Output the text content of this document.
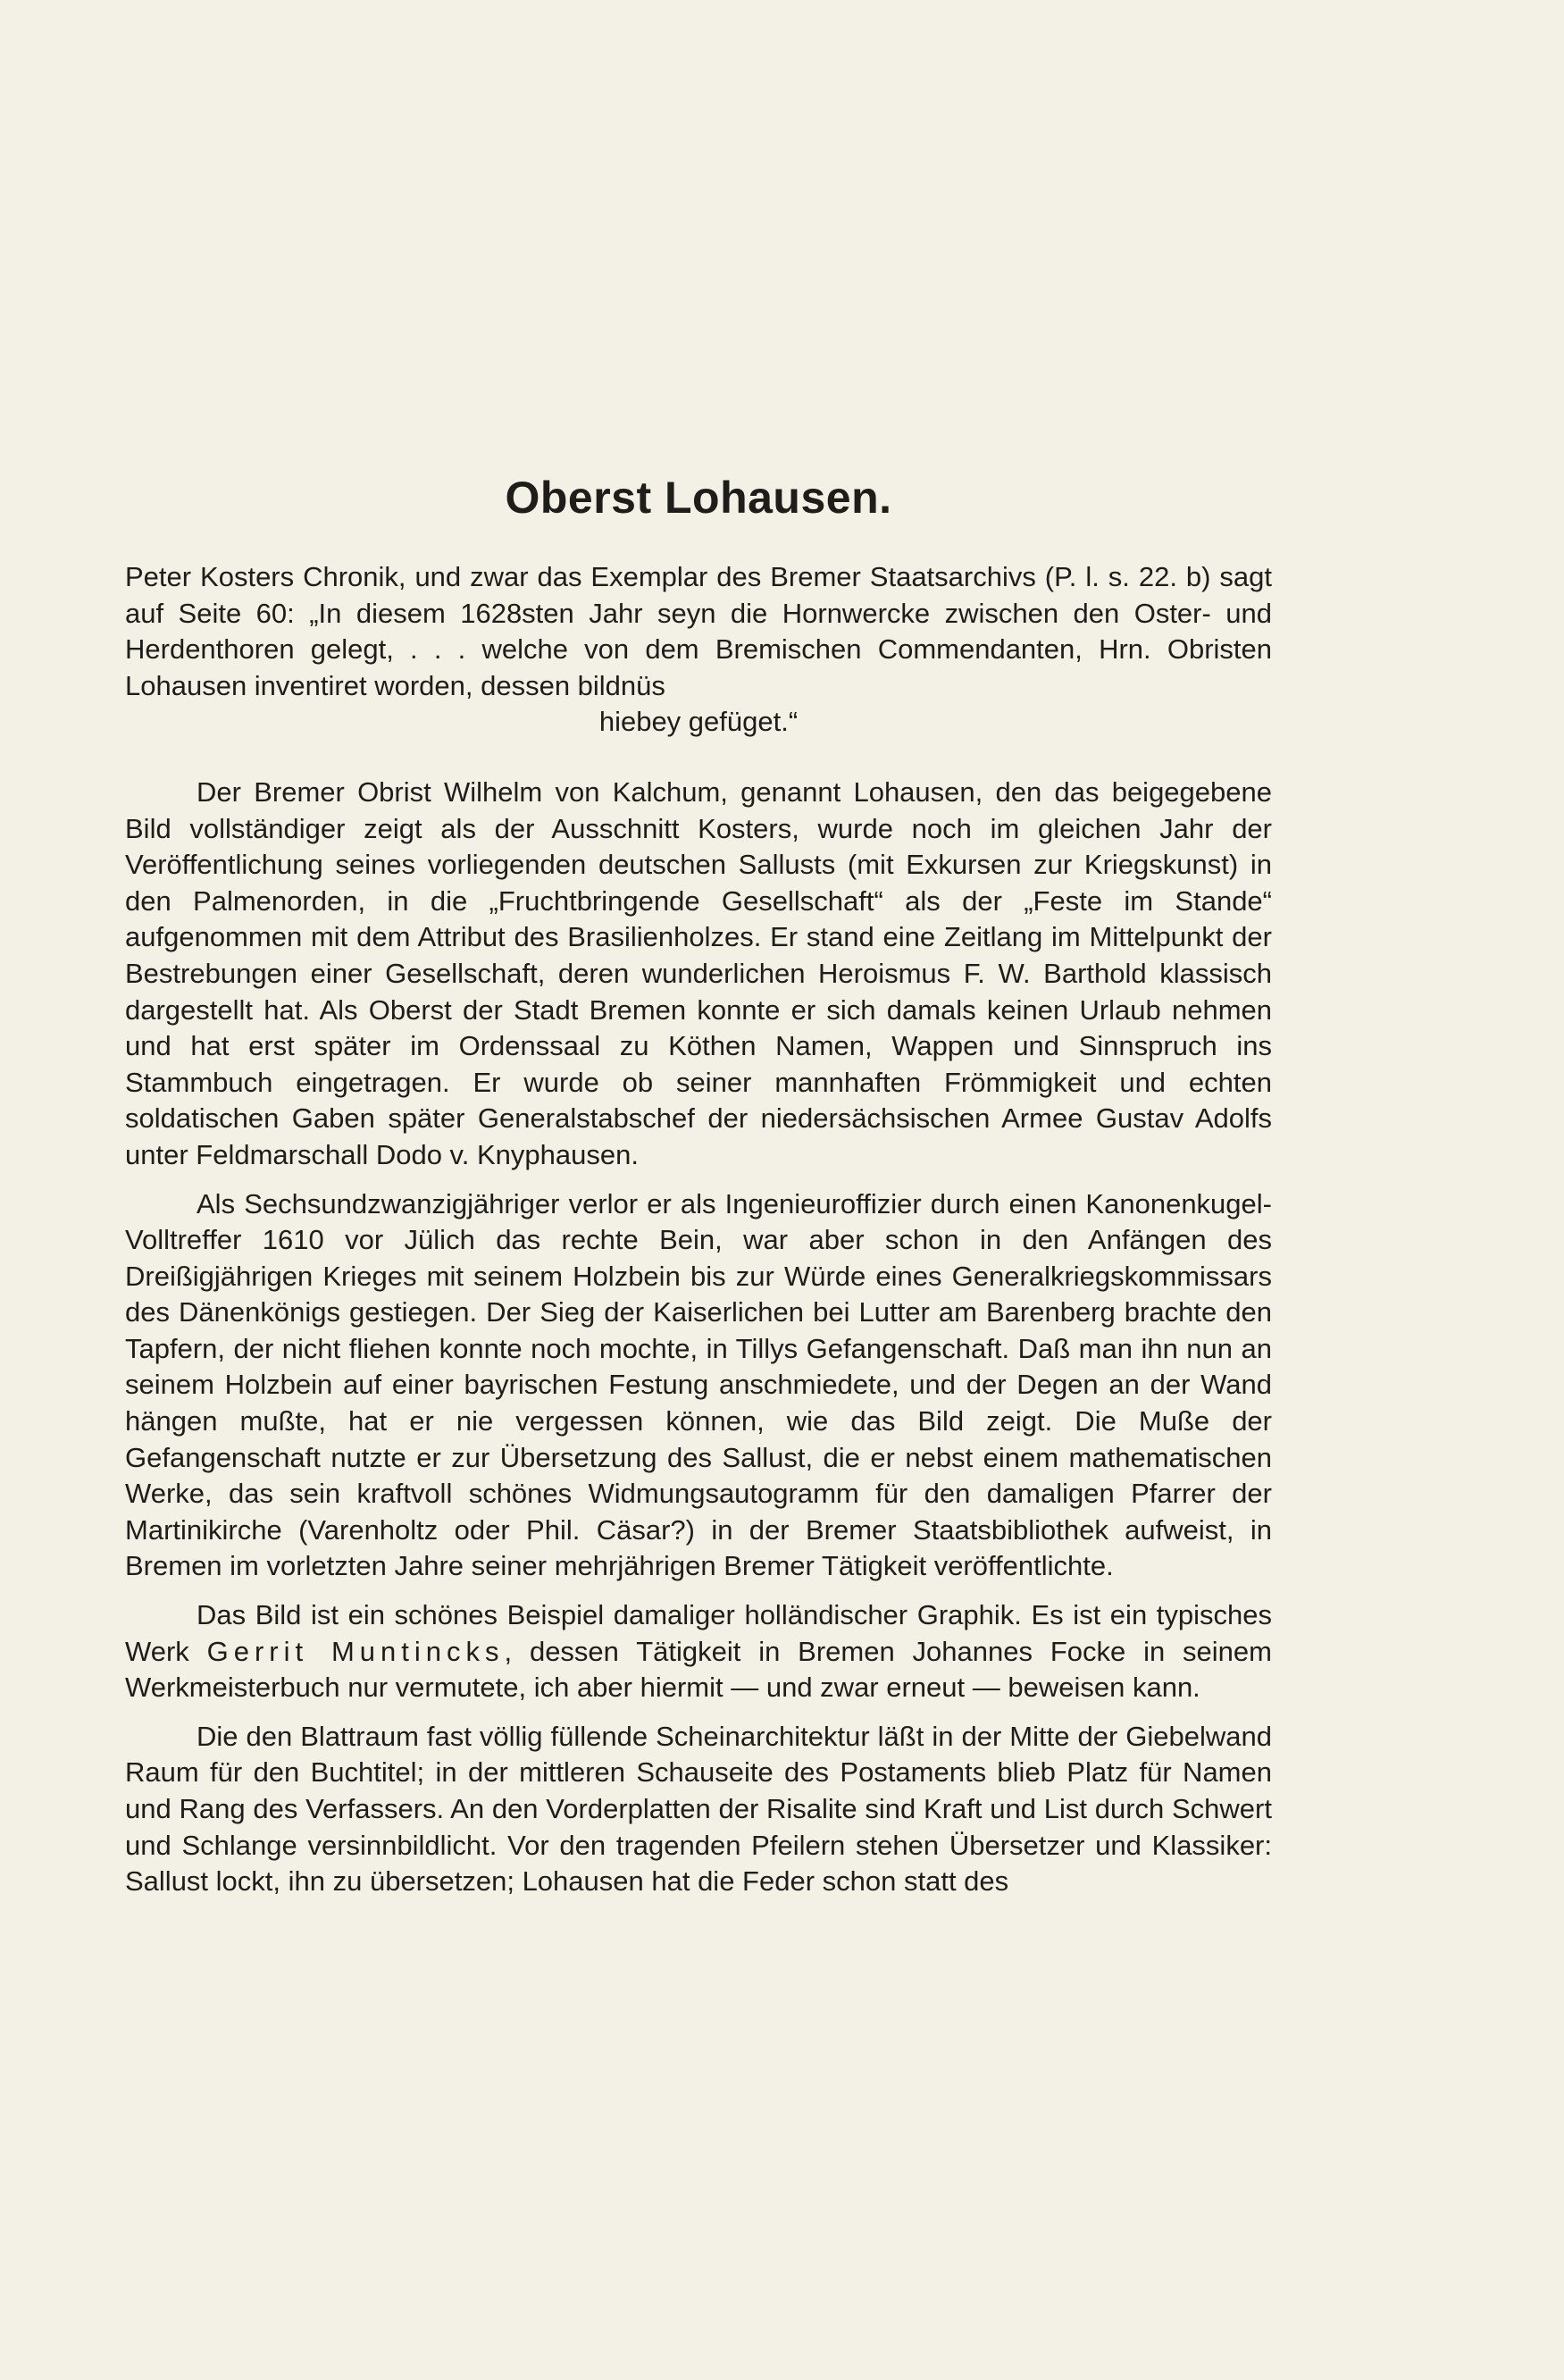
Oberst Lohausen.

Peter Kosters Chronik, und zwar das Exemplar des Bremer Staatsarchivs (P. l. s. 22. b) sagt auf Seite 60: „In diesem 1628sten Jahr seyn die Hornwercke zwischen den Oster- und Herdenthoren gelegt, . . . welche von dem Bremischen Commendanten, Hrn. Obristen Lohausen inventiret worden, dessen bildnüs

hiebey gefüget.“

Der Bremer Obrist Wilhelm von Kalchum, genannt Lohausen, den das beigegebene Bild vollständiger zeigt als der Ausschnitt Kosters, wurde noch im gleichen Jahr der Veröffentlichung seines vorliegenden deutschen Sallusts (mit Exkursen zur Kriegskunst) in den Palmenorden, in die „Fruchtbringende Gesellschaft“ als der „Feste im Stande“ aufgenommen mit dem Attribut des Brasilienholzes. Er stand eine Zeitlang im Mittelpunkt der Bestrebungen einer Gesellschaft, deren wunderlichen Heroismus F. W. Barthold klassisch dargestellt hat. Als Oberst der Stadt Bremen konnte er sich damals keinen Urlaub nehmen und hat erst später im Ordenssaal zu Köthen Namen, Wappen und Sinnspruch ins Stammbuch eingetragen. Er wurde ob seiner mannhaften Frömmigkeit und echten soldatischen Gaben später Generalstabschef der niedersächsischen Armee Gustav Adolfs unter Feldmarschall Dodo v. Knyphausen.

Als Sechsundzwanzigjähriger verlor er als Ingenieuroffizier durch einen Kanonenkugel-Volltreffer 1610 vor Jülich das rechte Bein, war aber schon in den Anfängen des Dreißigjährigen Krieges mit seinem Holzbein bis zur Würde eines Generalkriegskommissars des Dänenkönigs gestiegen. Der Sieg der Kaiserlichen bei Lutter am Barenberg brachte den Tapfern, der nicht fliehen konnte noch mochte, in Tillys Gefangenschaft. Daß man ihn nun an seinem Holzbein auf einer bayrischen Festung anschmiedete, und der Degen an der Wand hängen mußte, hat er nie vergessen können, wie das Bild zeigt. Die Muße der Gefangenschaft nutzte er zur Übersetzung des Sallust, die er nebst einem mathematischen Werke, das sein kraftvoll schönes Widmungsautogramm für den damaligen Pfarrer der Martinikirche (Varenholtz oder Phil. Cäsar?) in der Bremer Staatsbibliothek aufweist, in Bremen im vorletzten Jahre seiner mehrjährigen Bremer Tätigkeit veröffentlichte.

Das Bild ist ein schönes Beispiel damaliger holländischer Graphik. Es ist ein typisches Werk Gerrit Muntincks, dessen Tätigkeit in Bremen Johannes Focke in seinem Werkmeisterbuch nur vermutete, ich aber hiermit — und zwar erneut — beweisen kann.

Die den Blattraum fast völlig füllende Scheinarchitektur läßt in der Mitte der Giebelwand Raum für den Buchtitel; in der mittleren Schauseite des Postaments blieb Platz für Namen und Rang des Verfassers. An den Vorderplatten der Risalite sind Kraft und List durch Schwert und Schlange versinnbildlicht. Vor den tragenden Pfeilern stehen Übersetzer und Klassiker: Sallust lockt, ihn zu übersetzen; Lohausen hat die Feder schon statt des
